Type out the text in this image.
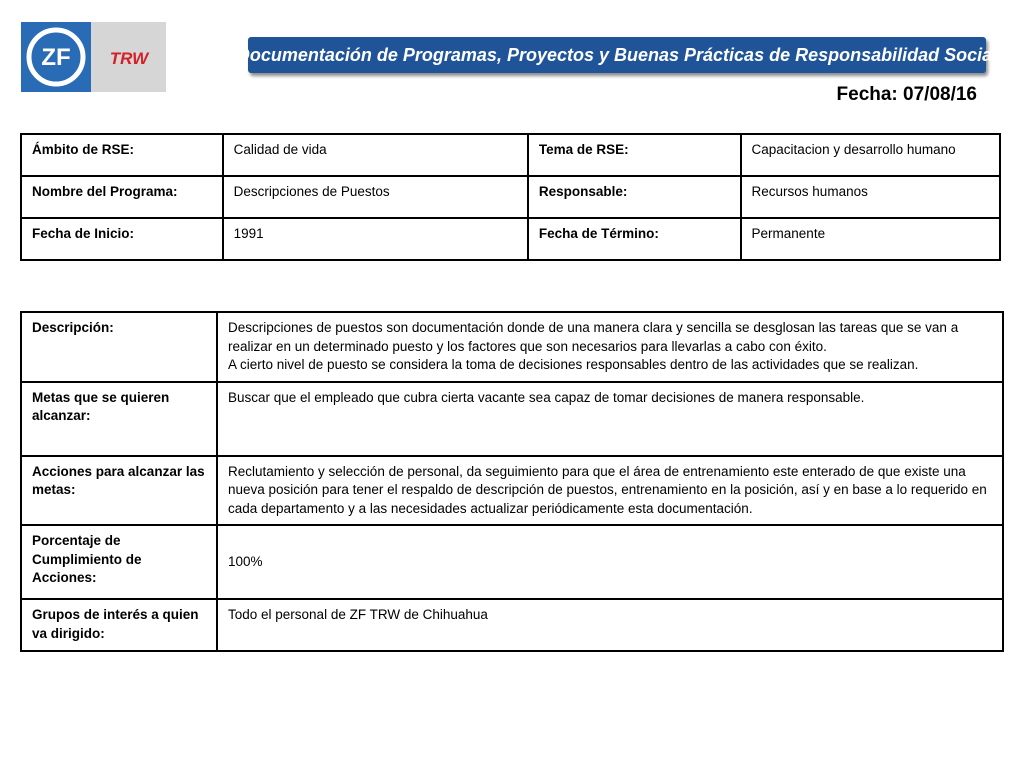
ZF TRW	Documentación de Programas, Proyectos y Buenas Prácticas de Responsabilidad Social
Fecha: 07/08/16
Ámbito de RSE:	Calidad de vida	Tema de RSE:	Capacitacion y desarrollo humano
Nombre del Programa:	Descripciones de Puestos	Responsable:	Recursos humanos
Fecha de Inicio:	1991	Fecha de Término:	Permanente
Descripción:	Descripciones de puestos son documentación donde de una manera clara y sencilla se desglosan las tareas que se van a realizar en un determinado puesto y los factores que son necesarios para llevarlas a cabo con éxito.
A cierto nivel de puesto se considera la toma de decisiones responsables dentro de las actividades que se realizan.

Metas que se quieren alcanzar:	Buscar que el empleado que cubra cierta vacante sea capaz de tomar decisiones de manera responsable.
Acciones para alcanzar las metas:	Reclutamiento y selección de personal, da seguimiento para que el área de entrenamiento este enterado de que existe una nueva posición para tener el respaldo de descripción de puestos, entrenamiento en la posición, así y en base a lo requerido en cada departamento y a las necesidades actualizar periódicamente esta documentación.
Porcentaje de Cumplimiento de Acciones:	100%
Grupos de interés a quien va dirigido:	Todo el personal de ZF TRW de Chihuahua
